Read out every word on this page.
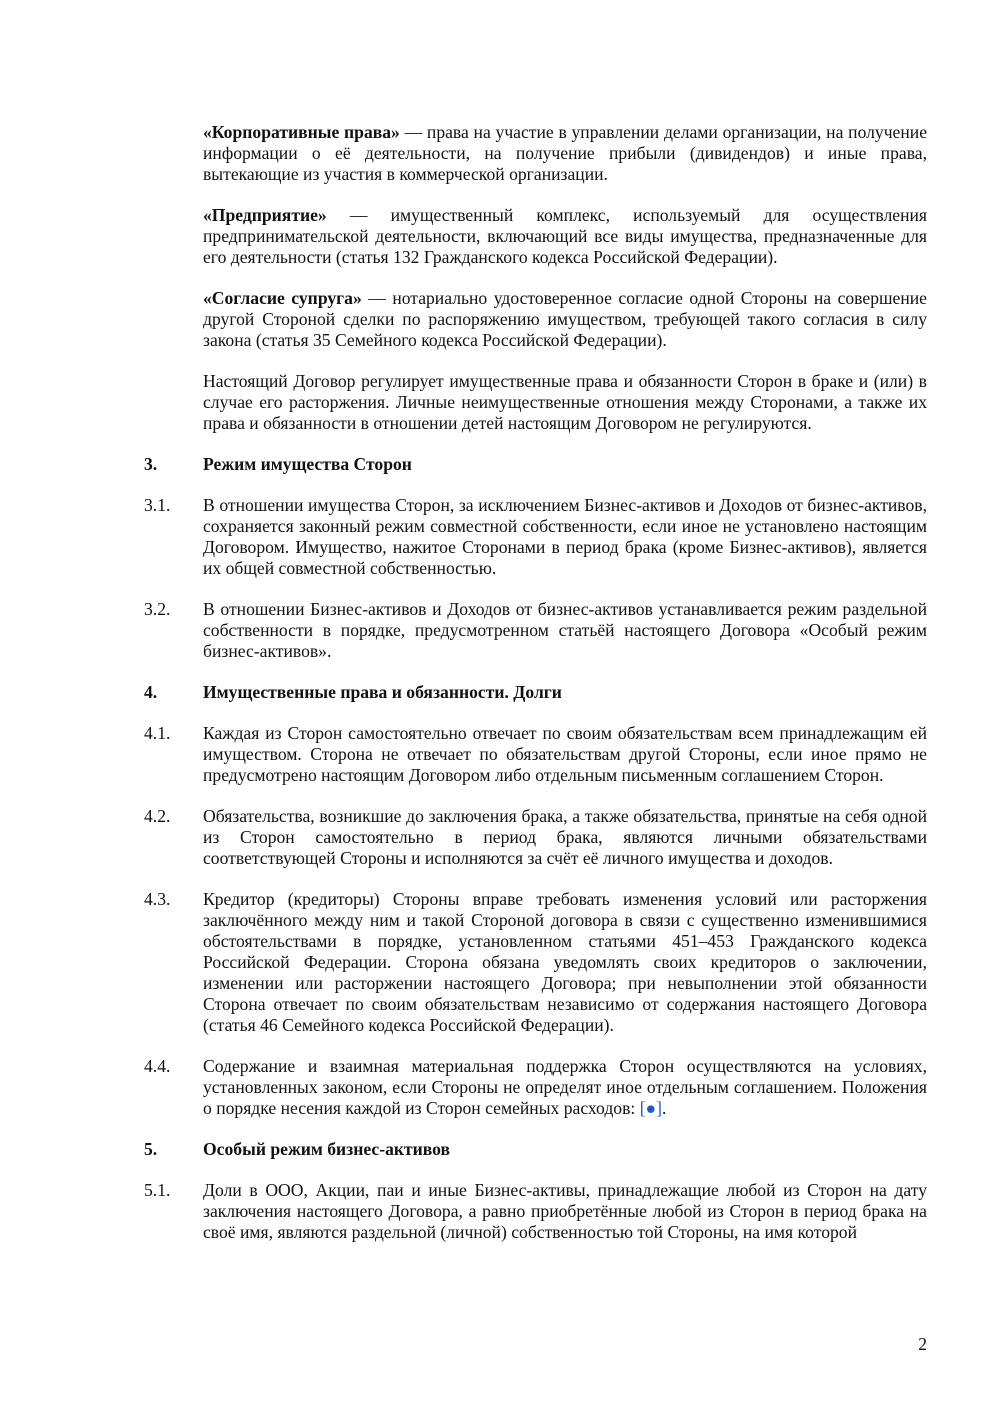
«Корпоративные права» — права на участие в управлении делами организации, на получение информации о её деятельности, на получение прибыли (дивидендов) и иные права, вытекающие из участия в коммерческой организации.

«Предприятие» — имущественный комплекс, используемый для осуществления предпринимательской деятельности, включающий все виды имущества, предназначенные для его деятельности (статья 132 Гражданского кодекса Российской Федерации).

«Согласие супруга» — нотариально удостоверенное согласие одной Стороны на совершение другой Стороной сделки по распоряжению имуществом, требующей такого согласия в силу закона (статья 35 Семейного кодекса Российской Федерации).

Настоящий Договор регулирует имущественные права и обязанности Сторон в браке и (или) в случае его расторжения. Личные неимущественные отношения между Сторонами, а также их права и обязанности в отношении детей настоящим Договором не регулируются.

3.	Режим имущества Сторон
3.1.	В отношении имущества Сторон, за исключением Бизнес-активов и Доходов от бизнес-активов, сохраняется законный режим совместной собственности, если иное не установлено настоящим Договором. Имущество, нажитое Сторонами в период брака (кроме Бизнес-активов), является их общей совместной собственностью.
3.2.	В отношении Бизнес-активов и Доходов от бизнес-активов устанавливается режим раздельной собственности в порядке, предусмотренном статьёй настоящего Договора «Особый режим бизнес-активов».
4.	Имущественные права и обязанности. Долги
4.1.	Каждая из Сторон самостоятельно отвечает по своим обязательствам всем принадлежащим ей имуществом. Сторона не отвечает по обязательствам другой Стороны, если иное прямо не предусмотрено настоящим Договором либо отдельным письменным соглашением Сторон.
4.2.	Обязательства, возникшие до заключения брака, а также обязательства, принятые на себя одной из Сторон самостоятельно в период брака, являются личными обязательствами соответствующей Стороны и исполняются за счёт её личного имущества и доходов.
4.3.	Кредитор (кредиторы) Стороны вправе требовать изменения условий или расторжения заключённого между ним и такой Стороной договора в связи с существенно изменившимися обстоятельствами в порядке, установленном статьями 451–453 Гражданского кодекса Российской Федерации. Сторона обязана уведомлять своих кредиторов о заключении, изменении или расторжении настоящего Договора; при невыполнении этой обязанности Сторона отвечает по своим обязательствам независимо от содержания настоящего Договора (статья 46 Семейного кодекса Российской Федерации).
4.4.	Содержание и взаимная материальная поддержка Сторон осуществляются на условиях, установленных законом, если Стороны не определят иное отдельным соглашением. Положения о порядке несения каждой из Сторон семейных расходов: [●].
5.	Особый режим бизнес-активов
5.1.	Доли в ООО, Акции, паи и иные Бизнес-активы, принадлежащие любой из Сторон на дату заключения настоящего Договора, а равно приобретённые любой из Сторон в период брака на своё имя, являются раздельной (личной) собственностью той Стороны, на имя которой
2
